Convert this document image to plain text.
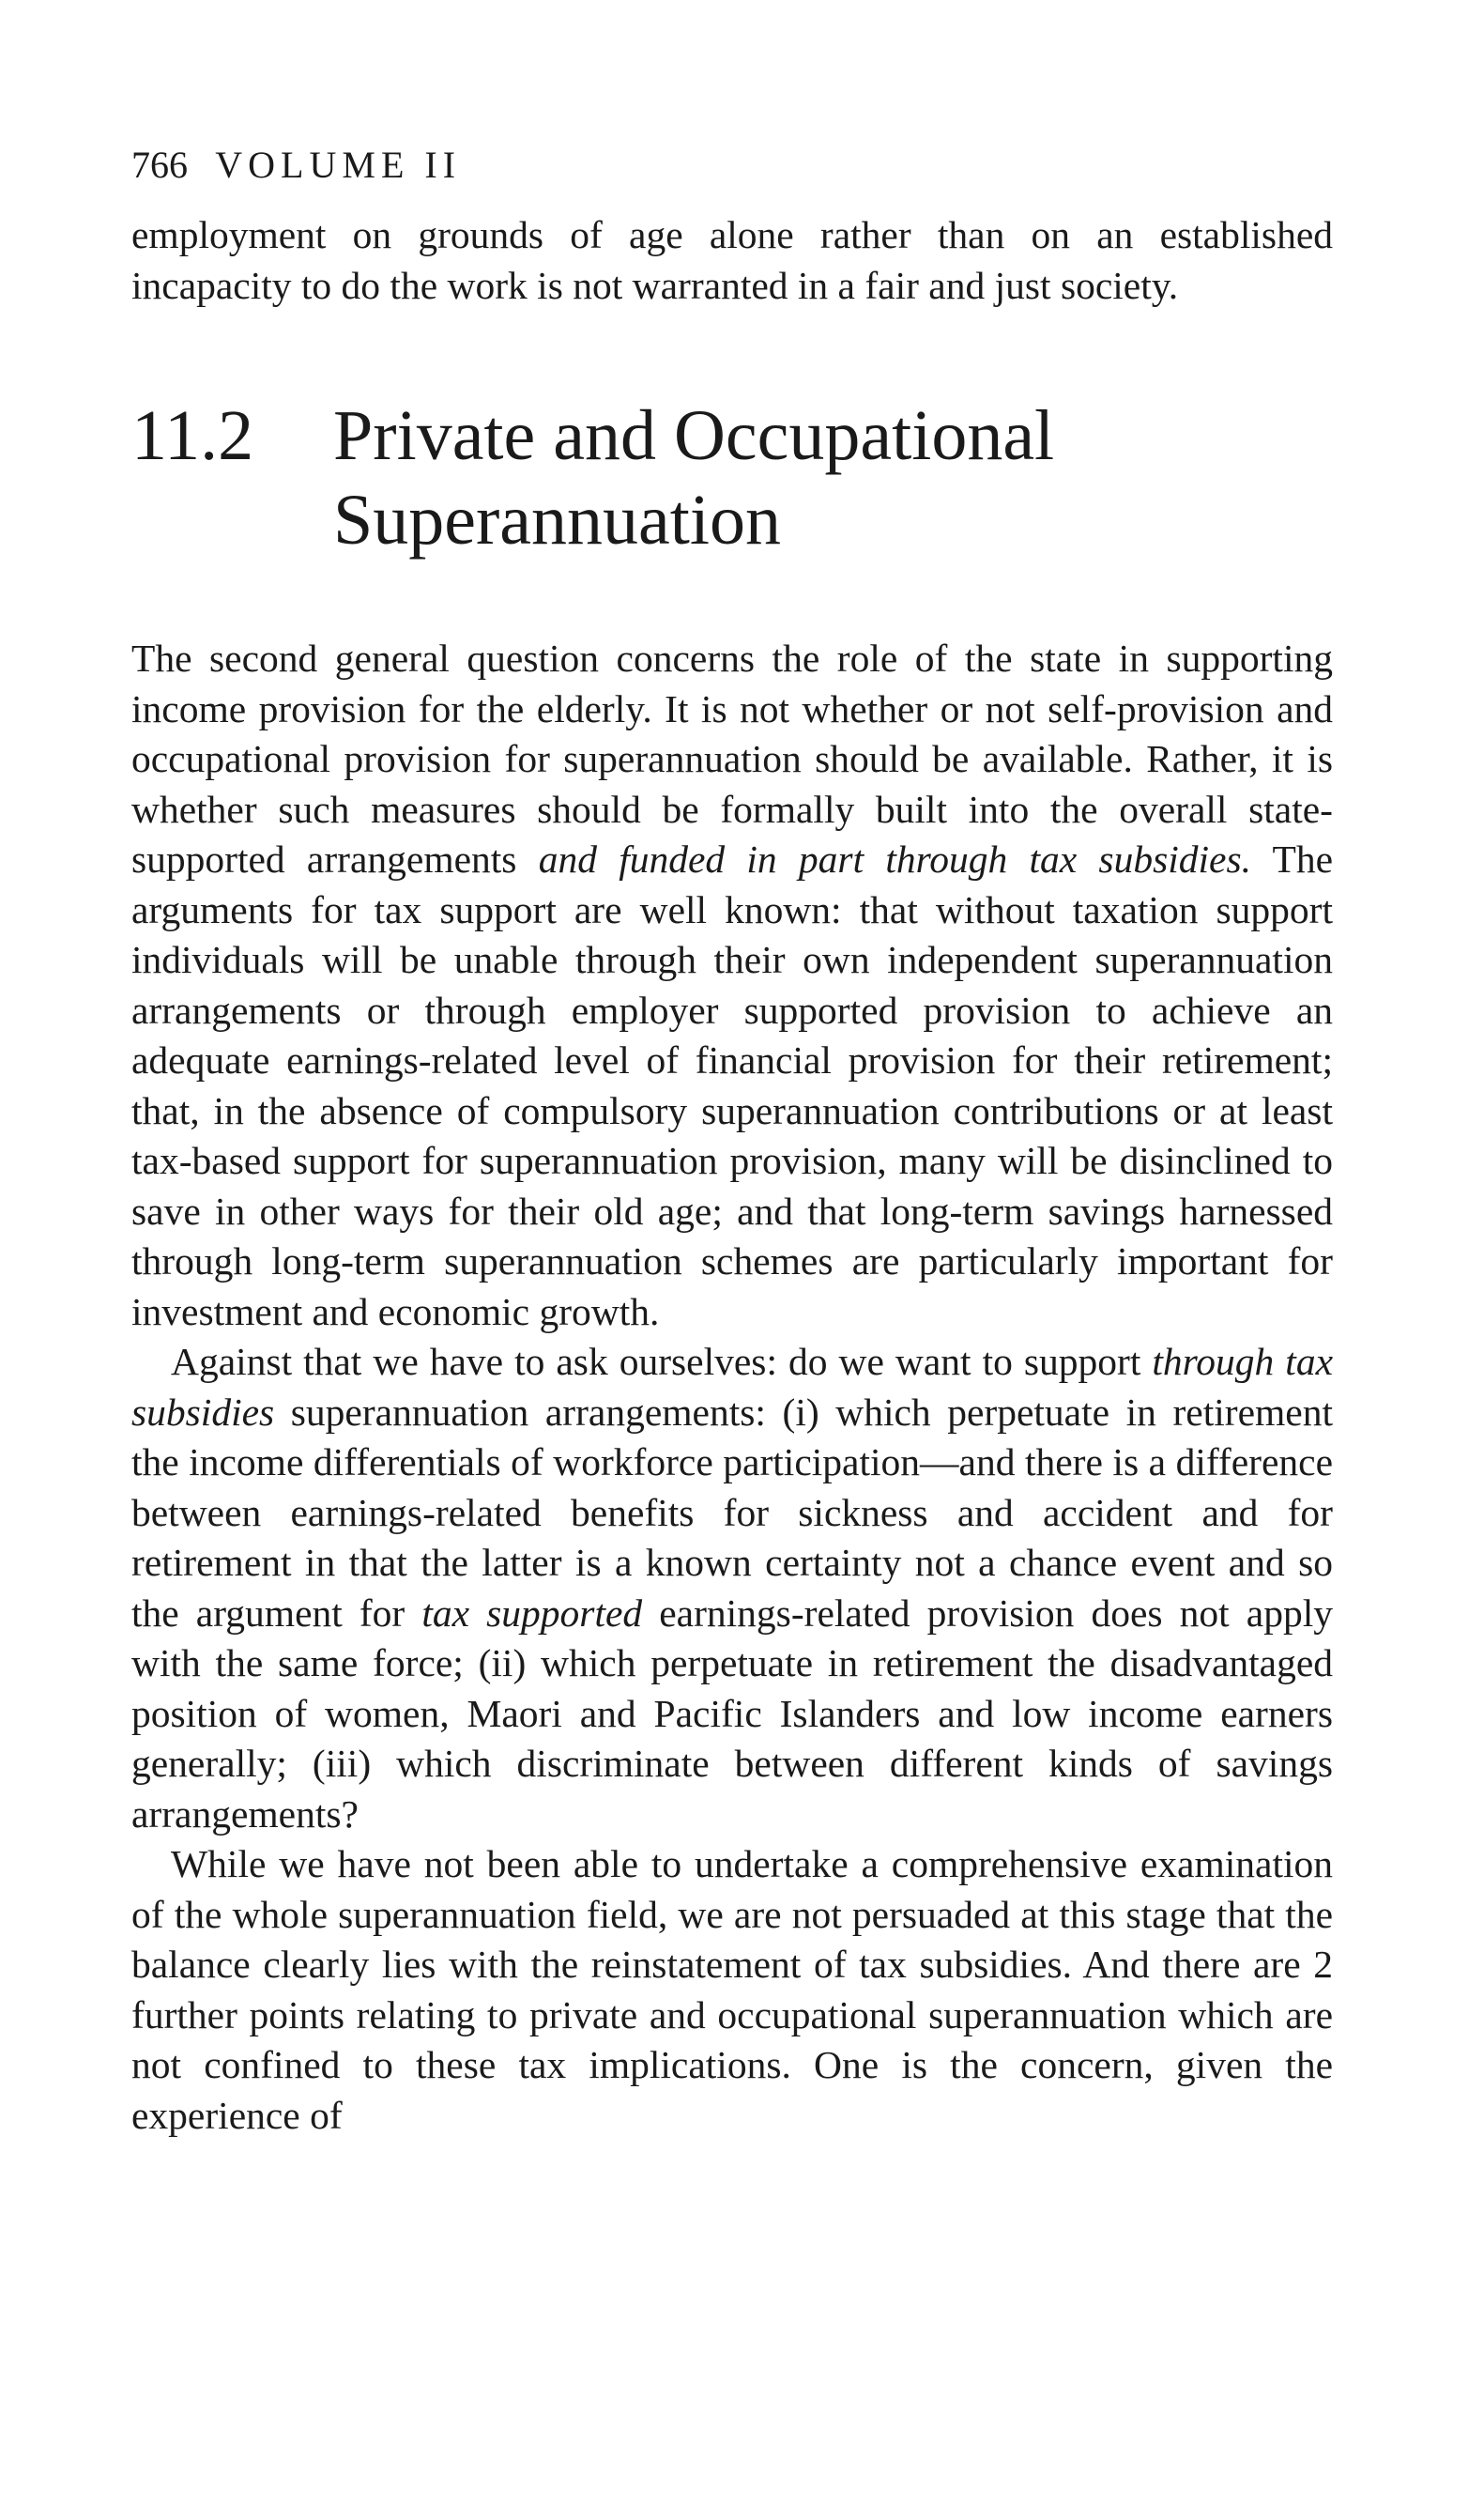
766 VOLUME II

employment on grounds of age alone rather than on an established incapacity to do the work is not warranted in a fair and just society.

11.2	Private and Occupational Superannuation

The second general question concerns the role of the state in supporting income provision for the elderly. It is not whether or not self-provision and occupational provision for superannuation should be available. Rather, it is whether such measures should be formally built into the overall state-supported arrangements and funded in part through tax subsidies. The arguments for tax support are well known: that without taxation support individuals will be unable through their own independent superannuation arrangements or through employer supported provision to achieve an adequate earnings-related level of financial provision for their retirement; that, in the absence of compulsory superannuation contributions or at least tax-based support for superannuation provision, many will be disinclined to save in other ways for their old age; and that long-term savings harnessed through long-term superannuation schemes are particularly important for investment and economic growth.

Against that we have to ask ourselves: do we want to support through tax subsidies superannuation arrangements: (i) which perpetuate in retirement the income differentials of workforce participation—and there is a difference between earnings-related benefits for sickness and accident and for retirement in that the latter is a known certainty not a chance event and so the argument for tax supported earnings-related provision does not apply with the same force; (ii) which perpetuate in retirement the disadvantaged position of women, Maori and Pacific Islanders and low income earners generally; (iii) which discriminate between different kinds of savings arrangements?

While we have not been able to undertake a comprehensive examination of the whole superannuation field, we are not persuaded at this stage that the balance clearly lies with the reinstatement of tax subsidies. And there are 2 further points relating to private and occupational superannuation which are not confined to these tax implications. One is the concern, given the experience of
